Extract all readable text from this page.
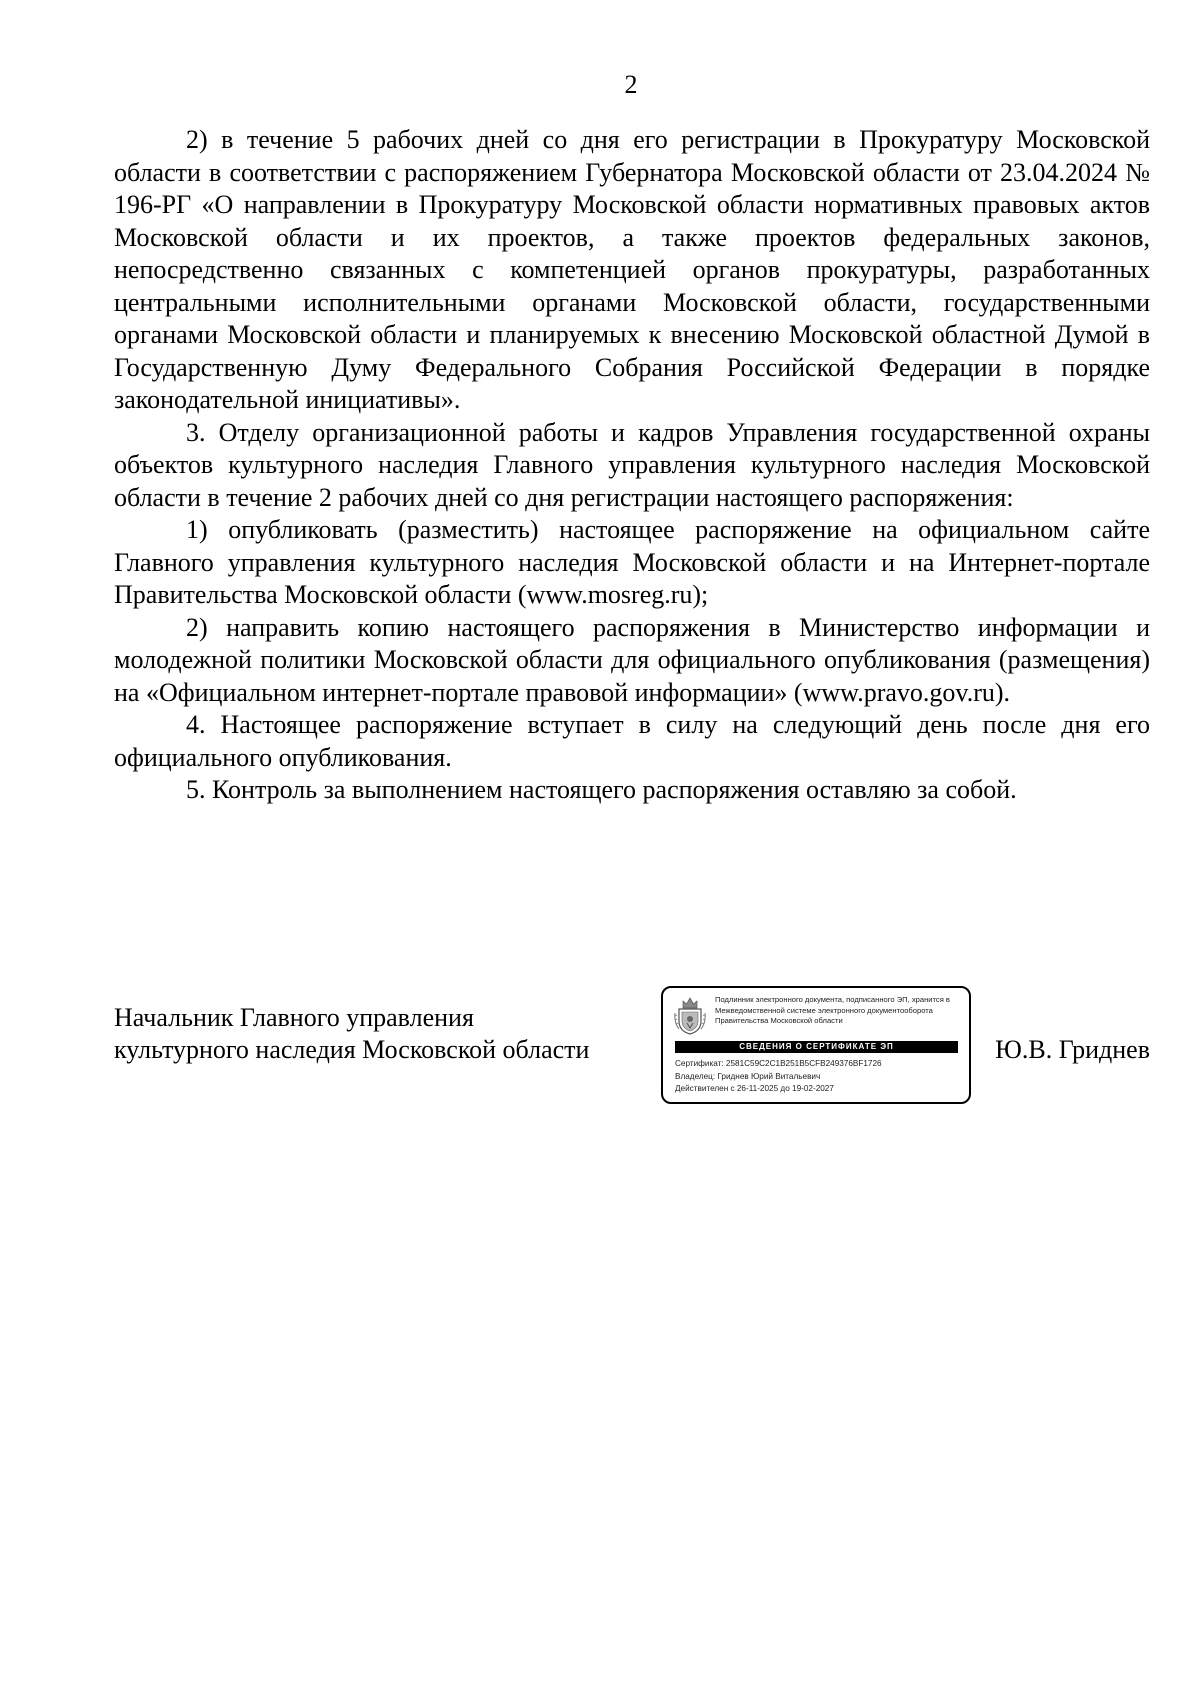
2

2) в течение 5 рабочих дней со дня его регистрации в Прокуратуру Московской области в соответствии с распоряжением Губернатора Московской области от 23.04.2024 № 196-РГ «О направлении в Прокуратуру Московской области нормативных правовых актов Московской области и их проектов, а также проектов федеральных законов, непосредственно связанных с компетенцией органов прокуратуры, разработанных центральными исполнительными органами Московской области, государственными органами Московской области и планируемых к внесению Московской областной Думой в Государственную Думу Федерального Собрания Российской Федерации в порядке законодательной инициативы».

3. Отделу организационной работы и кадров Управления государственной охраны объектов культурного наследия Главного управления культурного наследия Московской области в течение 2 рабочих дней со дня регистрации настоящего распоряжения:

1) опубликовать (разместить) настоящее распоряжение на официальном сайте Главного управления культурного наследия Московской области и на Интернет-портале Правительства Московской области (www.mosreg.ru);

2) направить копию настоящего распоряжения в Министерство информации и молодежной политики Московской области для официального опубликования (размещения) на «Официальном интернет-портале правовой информации» (www.pravo.gov.ru).

4. Настоящее распоряжение вступает в силу на следующий день после дня его официального опубликования.

5. Контроль за выполнением настоящего распоряжения оставляю за собой.

Начальник Главного управления
культурного наследия Московской области
Подлинник электронного документа, подписанного ЭП, хранится в Межведомственной системе электронного документооборота Правительства Московской области
СВЕДЕНИЯ О СЕРТИФИКАТЕ ЭП
Сертификат: 2581C59C2C1B251B5CFB249376BF1726
Владелец: Гриднев Юрий Витальевич
Действителен с 26-11-2025 до 19-02-2027
Ю.В. Гриднев
